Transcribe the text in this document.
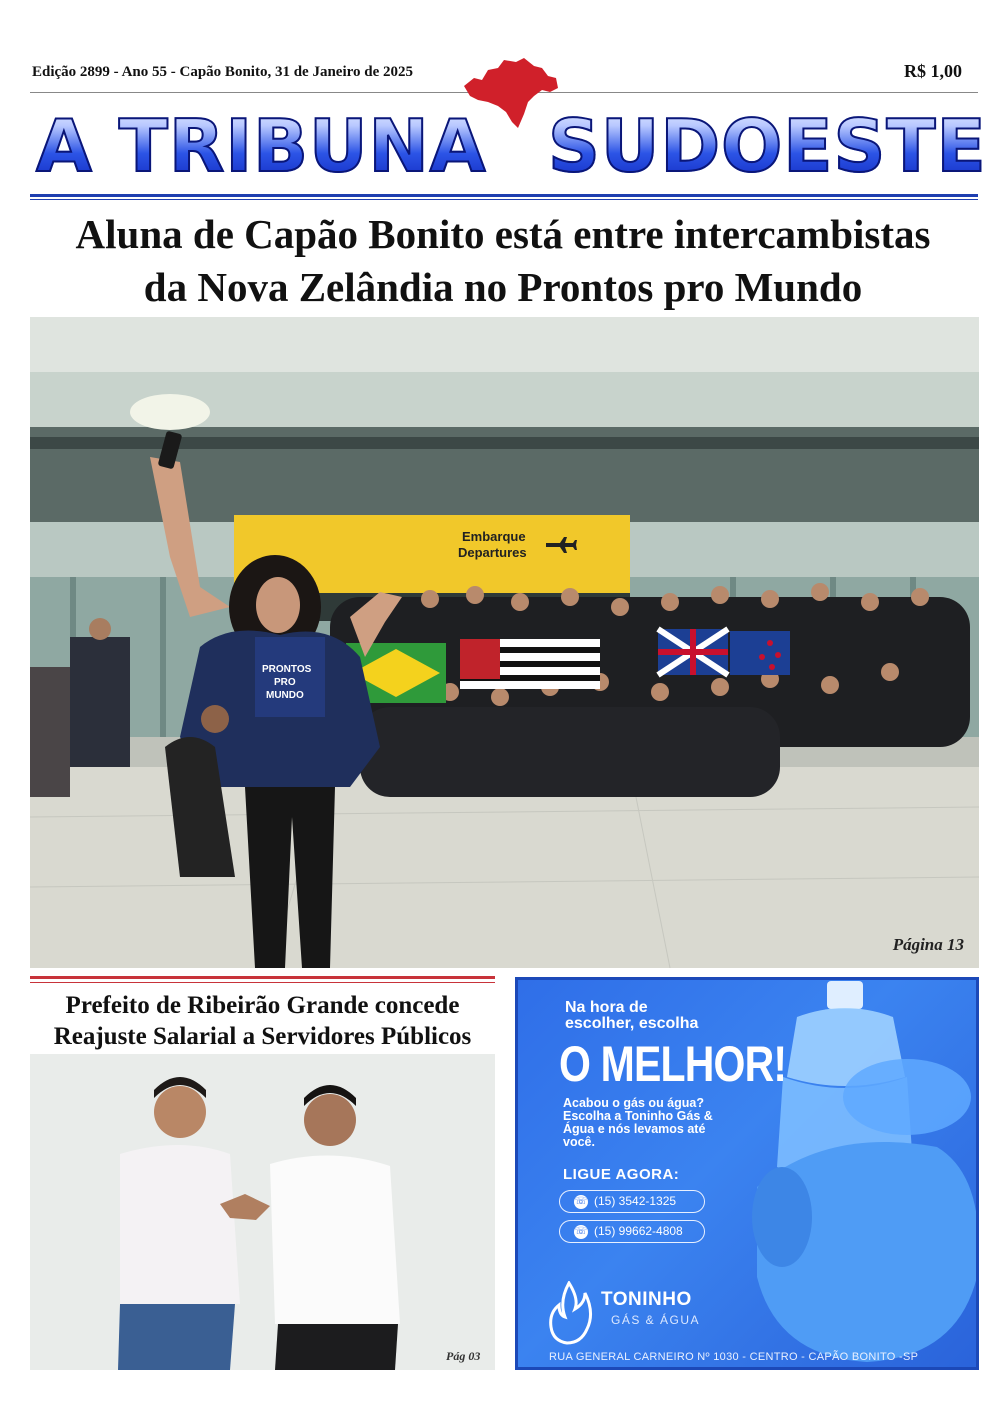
Edição 2899 - Ano 55 - Capão Bonito, 31 de Janeiro de 2025	R$ 1,00
A TRIBUNA SUDOESTE
Aluna de Capão Bonito está entre intercambistas
da Nova Zelândia no Prontos pro Mundo
Embarque
Departures
PRONTOS
PRO
MUNDO
Página 13
Prefeito de Ribeirão Grande concede
Reajuste Salarial a Servidores Públicos
Pág 03
Na hora de
escolher, escolha
O MELHOR!
Acabou o gás ou água? Escolha a Toninho Gás & Água e nós levamos até você.
LIGUE AGORA:
☏ (15) 3542-1325
☏ (15) 99662-4808
TONINHO
GÁS & ÁGUA
RUA GENERAL CARNEIRO Nº 1030 - CENTRO - CAPÃO BONITO -SP
